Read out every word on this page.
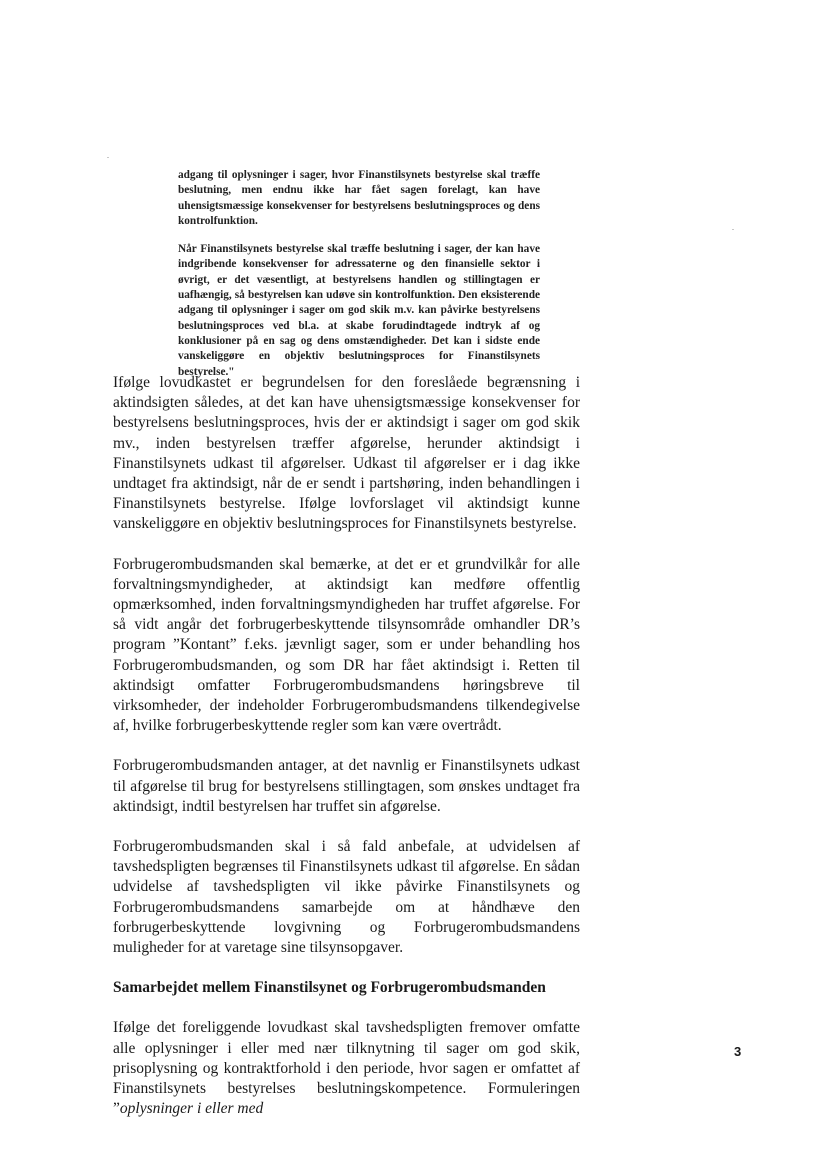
adgang til oplysninger i sager, hvor Finanstilsynets bestyrelse skal træffe beslutning, men endnu ikke har fået sagen forelagt, kan have uhensigtsmæssige konsekvenser for bestyrelsens beslutningsproces og dens kontrolfunktion.

Når Finanstilsynets bestyrelse skal træffe beslutning i sager, der kan have indgribende konsekvenser for adressaterne og den finansielle sektor i øvrigt, er det væsentligt, at bestyrelsens handlen og stillingtagen er uafhængig, så bestyrelsen kan udøve sin kontrolfunktion. Den eksisterende adgang til oplysninger i sager om god skik m.v. kan påvirke bestyrelsens beslutningsproces ved bl.a. at skabe forudindtagede indtryk af og konklusioner på en sag og dens omstændigheder. Det kan i sidste ende vanskeliggøre en objektiv beslutningsproces for Finanstilsynets bestyrelse."

Ifølge lovudkastet er begrundelsen for den foreslåede begrænsning i aktindsigten således, at det kan have uhensigtsmæssige konsekvenser for bestyrelsens beslutningsproces, hvis der er aktindsigt i sager om god skik mv., inden bestyrelsen træffer afgørelse, herunder aktindsigt i Finanstilsynets udkast til afgørelser. Udkast til afgørelser er i dag ikke undtaget fra aktindsigt, når de er sendt i partshøring, inden behandlingen i Finanstilsynets bestyrelse. Ifølge lovforslaget vil aktindsigt kunne vanskeliggøre en objektiv beslutningsproces for Finanstilsynets bestyrelse.

Forbrugerombudsmanden skal bemærke, at det er et grundvilkår for alle forvaltningsmyndigheder, at aktindsigt kan medføre offentlig opmærksomhed, inden forvaltningsmyndigheden har truffet afgørelse. For så vidt angår det forbrugerbeskyttende tilsynsområde omhandler DR’s program ”Kontant” f.eks. jævnligt sager, som er under behandling hos Forbrugerombudsmanden, og som DR har fået aktindsigt i. Retten til aktindsigt omfatter Forbrugerombudsmandens høringsbreve til virksomheder, der indeholder Forbrugerombudsmandens tilkendegivelse af, hvilke forbrugerbeskyttende regler som kan være overtrådt.

Forbrugerombudsmanden antager, at det navnlig er Finanstilsynets udkast til afgørelse til brug for bestyrelsens stillingtagen, som ønskes undtaget fra aktindsigt, indtil bestyrelsen har truffet sin afgørelse.

Forbrugerombudsmanden skal i så fald anbefale, at udvidelsen af tavshedspligten begrænses til Finanstilsynets udkast til afgørelse. En sådan udvidelse af tavshedspligten vil ikke påvirke Finanstilsynets og Forbrugerombudsmandens samarbejde om at håndhæve den forbrugerbeskyttende lovgivning og Forbrugerombudsmandens muligheder for at varetage sine tilsynsopgaver.

Samarbejdet mellem Finanstilsynet og Forbrugerombudsmanden

Ifølge det foreliggende lovudkast skal tavshedspligten fremover omfatte alle oplysninger i eller med nær tilknytning til sager om god skik, prisoplysning og kontraktforhold i den periode, hvor sagen er omfattet af Finanstilsynets bestyrelses beslutningskompetence. Formuleringen ”oplysninger i eller med

3
